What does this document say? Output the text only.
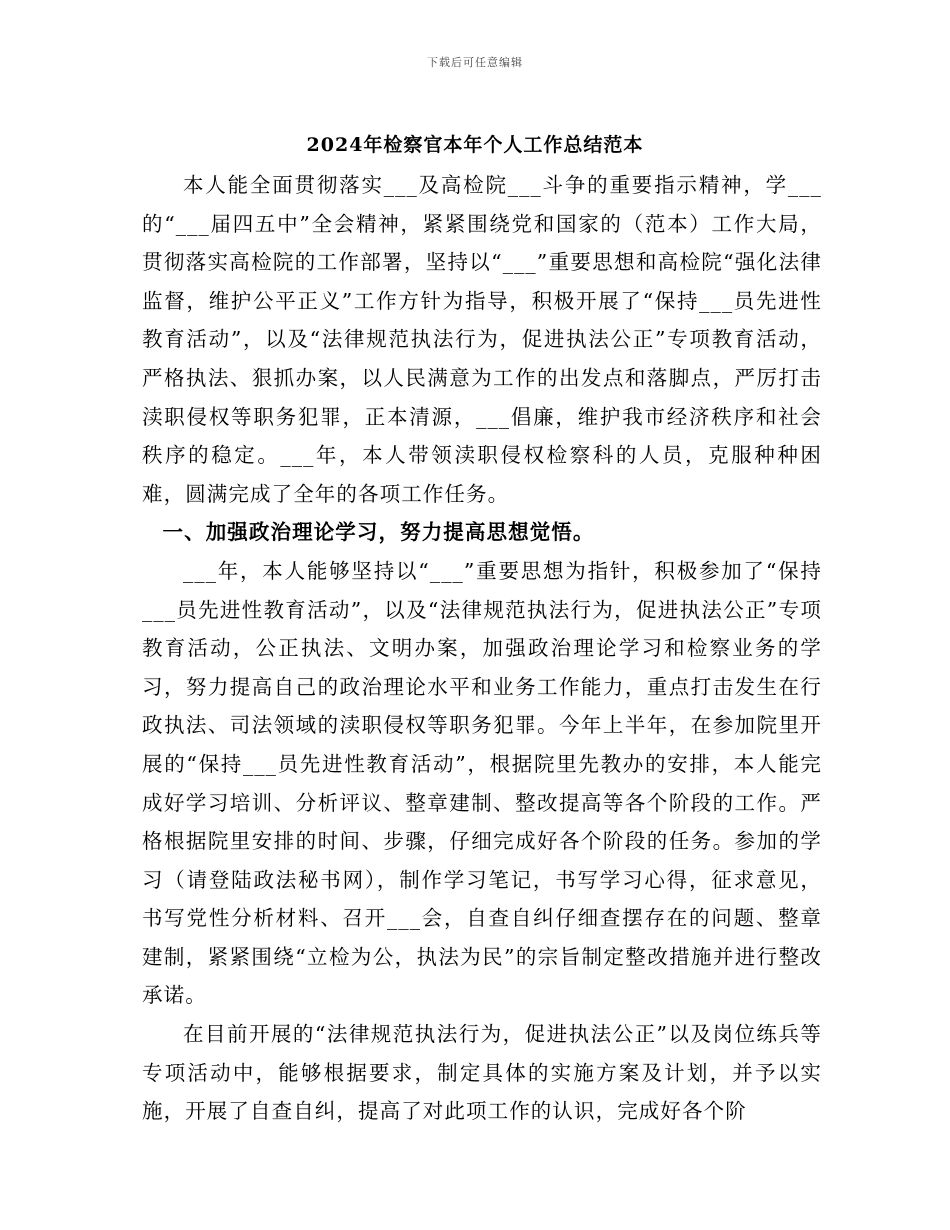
下载后可任意编辑
2024年检察官本年个人工作总结范本

本人能全面贯彻落实___及高检院___斗争的重要指示精神，学___的“___届四五中”全会精神，紧紧围绕党和国家的（范本）工作大局，贯彻落实高检院的工作部署，坚持以“___”重要思想和高检院“强化法律监督，维护公平正义”工作方针为指导，积极开展了“保持___员先进性教育活动”，以及“法律规范执法行为，促进执法公正”专项教育活动，严格执法、狠抓办案，以人民满意为工作的出发点和落脚点，严厉打击渎职侵权等职务犯罪，正本清源，___倡廉，维护我市经济秩序和社会秩序的稳定。___年，本人带领渎职侵权检察科的人员，克服种种困难，圆满完成了全年的各项工作任务。

一、加强政治理论学习，努力提高思想觉悟。

___年，本人能够坚持以“___”重要思想为指针，积极参加了“保持___员先进性教育活动”，以及“法律规范执法行为，促进执法公正”专项教育活动，公正执法、文明办案，加强政治理论学习和检察业务的学习，努力提高自己的政治理论水平和业务工作能力，重点打击发生在行政执法、司法领域的渎职侵权等职务犯罪。今年上半年，在参加院里开展的“保持___员先进性教育活动”，根据院里先教办的安排，本人能完成好学习培训、分析评议、整章建制、整改提高等各个阶段的工作。严格根据院里安排的时间、步骤，仔细完成好各个阶段的任务。参加的学习（请登陆政法秘书网），制作学习笔记，书写学习心得，征求意见，书写党性分析材料、召开___会，自查自纠仔细查摆存在的问题、整章建制，紧紧围绕“立检为公，执法为民”的宗旨制定整改措施并进行整改承诺。

在目前开展的“法律规范执法行为，促进执法公正”以及岗位练兵等专项活动中，能够根据要求，制定具体的实施方案及计划，并予以实施，开展了自查自纠，提高了对此项工作的认识，完成好各个阶
